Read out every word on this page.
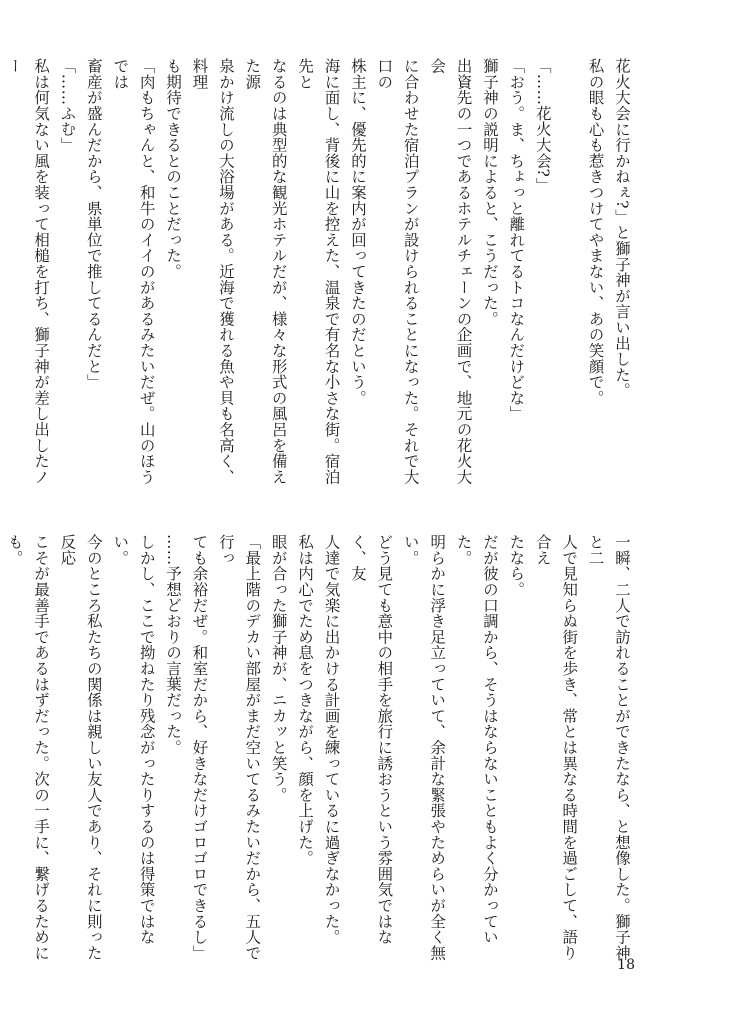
花火大会に行かねぇ?」と獅子神が言い出した。
私の眼も心も惹きつけてやまない、あの笑顔で。

「……花火大会?」
「おう。ま、ちょっと離れてるトコなんだけどな」
獅子神の説明によると、こうだった。
出資先の一つであるホテルチェーンの企画で、地元の花火大会
に合わせた宿泊プランが設けられることになった。それで大口の
株主に、優先的に案内が回ってきたのだという。
海に面し、背後に山を控えた、温泉で有名な小さな街。宿泊先と
なるのは典型的な観光ホテルだが、様々な形式の風呂を備えた源
泉かけ流しの大浴場がある。近海で獲れる魚や貝も名高く、料理
も期待できるとのことだった。
「肉もちゃんと、和牛のイイのがあるみたいだぜ。山のほうでは
畜産が盛んだから、県単位で推してるんだと」
「……ふむ」
私は何気ない風を装って相槌を打ち、獅子神が差し出したノー
一瞬、二人で訪れることができたなら、と想像した。獅子神と二
人で見知らぬ街を歩き、常とは異なる時間を過ごして、語り合え
たなら。
だが彼の口調から、そうはならないこともよく分かっていた。
明らかに浮き足立っていて、余計な緊張やためらいが全く無い。
どう見ても意中の相手を旅行に誘おうという雰囲気ではなく、友
人達で気楽に出かける計画を練っているに過ぎなかった。
私は内心でため息をつきながら、顔を上げた。
眼が合った獅子神が、ニカッと笑う。
「最上階のデカい部屋がまだ空いてるみたいだから、五人で行っ
ても余裕だぜ。和室だから、好きなだけゴロゴロできるし」
……予想どおりの言葉だった。
しかし、ここで拗ねたり残念がったりするのは得策ではない。
今のところ私たちの関係は親しい友人であり、それに則った反応
こそが最善手であるはずだった。次の一手に、繋げるためにも。
18
